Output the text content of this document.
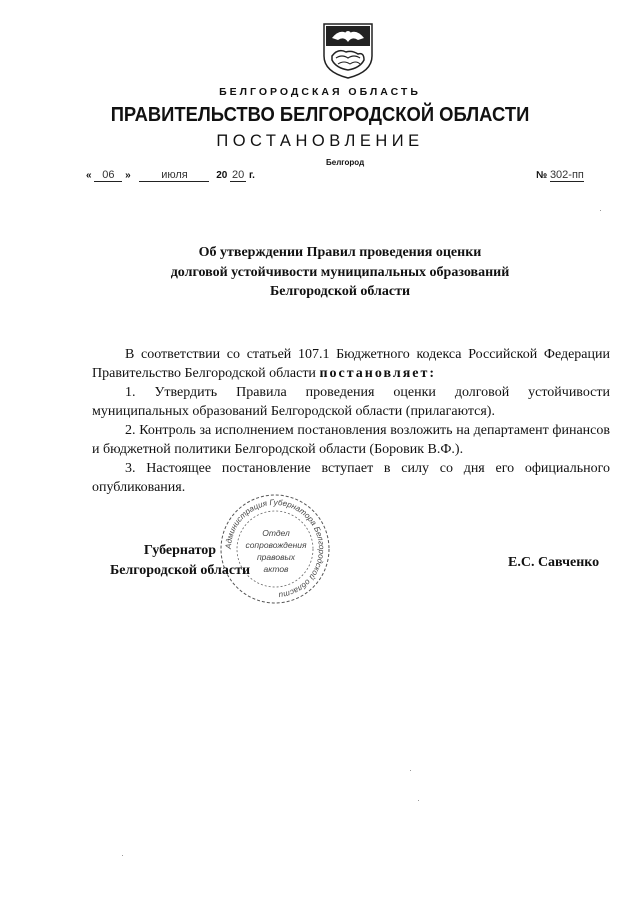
БЕЛГОРОДСКАЯ ОБЛАСТЬ
ПРАВИТЕЛЬСТВО БЕЛГОРОДСКОЙ ОБЛАСТИ
ПОСТАНОВЛЕНИЕ
Белгород
« 06 »	июля	20 20 г.	№ 302-пп
Об утверждении Правил проведения оценки
долговой устойчивости муниципальных образований
Белгородской области

В соответствии со статьей 107.1 Бюджетного кодекса Российской Федерации Правительство Белгородской области постановляет:

1. Утвердить Правила проведения оценки долговой устойчивости муниципальных образований Белгородской области (прилагаются).

2. Контроль за исполнением постановления возложить на департамент финансов и бюджетной политики Белгородской области (Боровик В.Ф.).

3. Настоящее постановление вступает в силу со дня его официального опубликования.

Администрация Губернатора Белгородской области
Отдел
сопровождения
правовых
актов
Губернатор
Белгородской области
Е.С. Савченко
